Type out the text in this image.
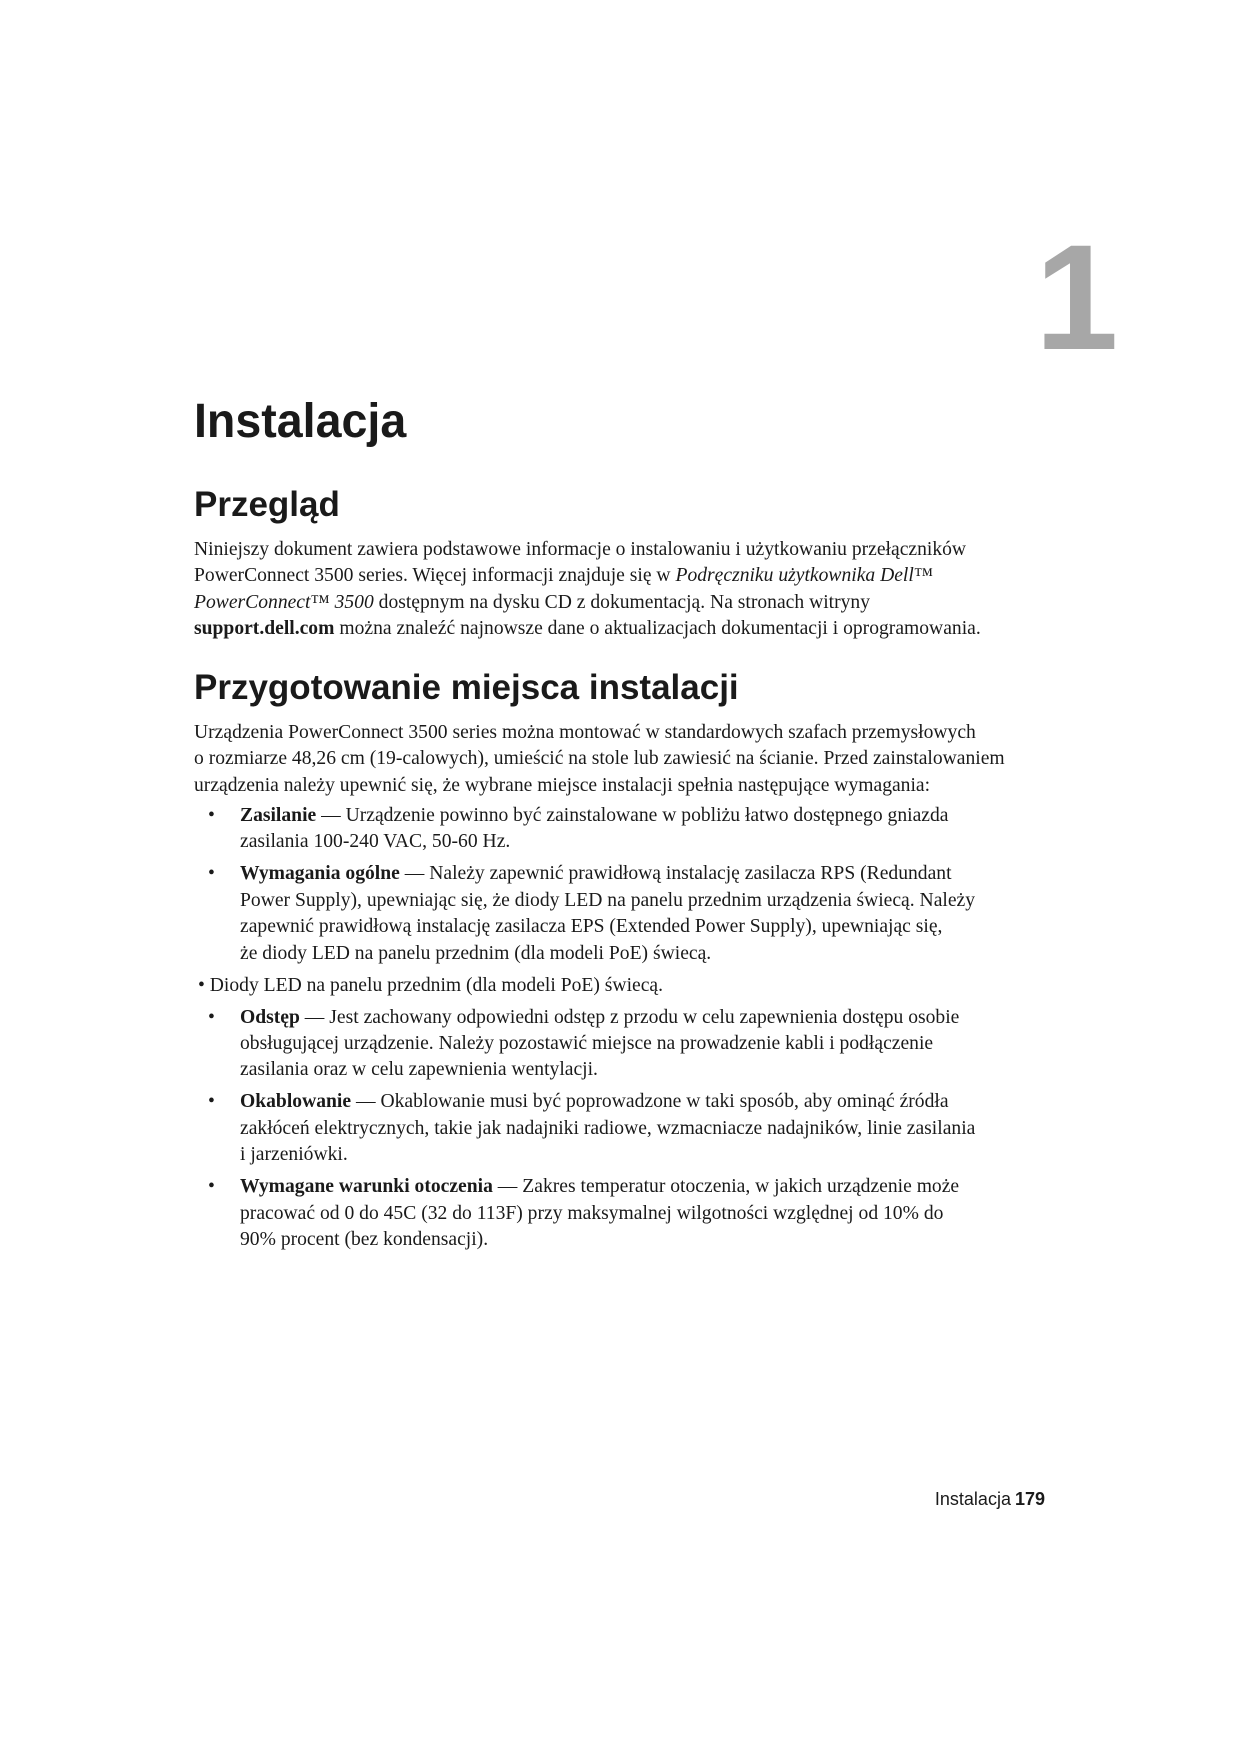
1
Instalacja
Przegląd

Niniejszy dokument zawiera podstawowe informacje o instalowaniu i użytkowaniu przełączników
PowerConnect 3500 series. Więcej informacji znajduje się w Podręczniku użytkownika Dell™
PowerConnect™ 3500 dostępnym na dysku CD z dokumentacją. Na stronach witryny
support.dell.com można znaleźć najnowsze dane o aktualizacjach dokumentacji i oprogramowania.

Przygotowanie miejsca instalacji

Urządzenia PowerConnect 3500 series można montować w standardowych szafach przemysłowych
o rozmiarze 48,26 cm (19-calowych), umieścić na stole lub zawiesić na ścianie. Przed zainstalowaniem
urządzenia należy upewnić się, że wybrane miejsce instalacji spełnia następujące wymagania:

• Zasilanie — Urządzenie powinno być zainstalowane w pobliżu łatwo dostępnego gniazda
zasilania 100-240 VAC, 50-60 Hz.
• Wymagania ogólne — Należy zapewnić prawidłową instalację zasilacza RPS (Redundant
Power Supply), upewniając się, że diody LED na panelu przednim urządzenia świecą. Należy
zapewnić prawidłową instalację zasilacza EPS (Extended Power Supply), upewniając się,
że diody LED na panelu przednim (dla modeli PoE) świecą.
• Diody LED na panelu przednim (dla modeli PoE) świecą.
• Odstęp — Jest zachowany odpowiedni odstęp z przodu w celu zapewnienia dostępu osobie
obsługującej urządzenie. Należy pozostawić miejsce na prowadzenie kabli i podłączenie
zasilania oraz w celu zapewnienia wentylacji.
• Okablowanie — Okablowanie musi być poprowadzone w taki sposób, aby ominąć źródła
zakłóceń elektrycznych, takie jak nadajniki radiowe, wzmacniacze nadajników, linie zasilania
i jarzeniówki.
• Wymagane warunki otoczenia — Zakres temperatur otoczenia, w jakich urządzenie może
pracować od 0 do 45C (32 do 113F) przy maksymalnej wilgotności względnej od 10% do
90% procent (bez kondensacji).
Instalacja 179
